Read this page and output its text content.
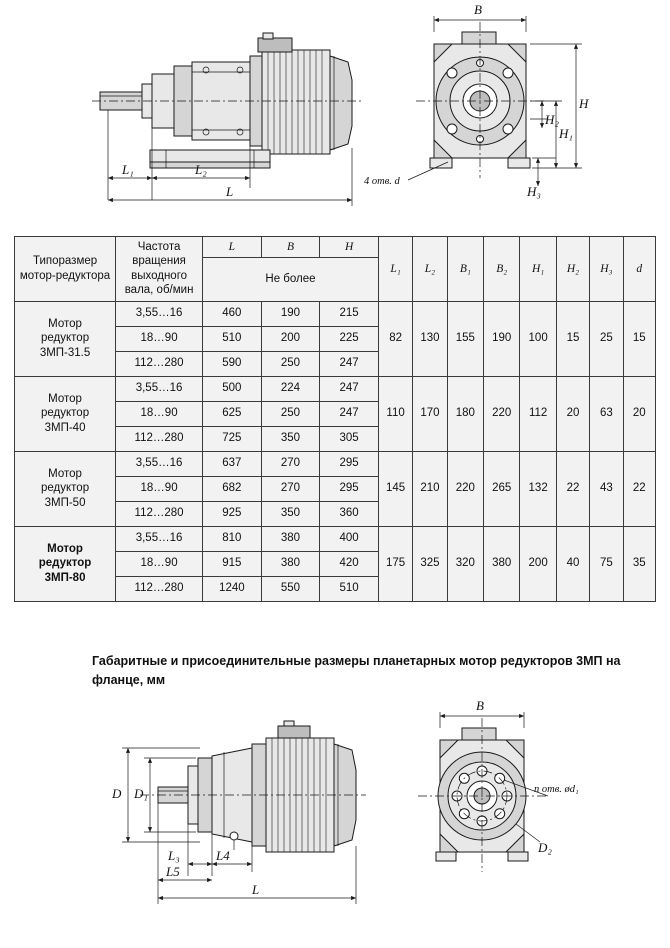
L₁	L₂
L
B
H
H₁
H₂
H₃
4 отв. d
Типоразмер мотор-редуктора	Частота вращения выходного вала, об/мин	L	B	H	L₁	L₂	B₁	B₂	H₁	H₂	H₃	d
		Не более										

Мотор
редуктор
3МП-31.5	3,55…16	460	190	215	82	130	155	190	100	15	25	15
	18…90	510	200	225								
	112…280	590	250	247								
Мотор
редуктор
3МП-40	3,55…16	500	224	247	110	170	180	220	112	20	63	20
	18…90	625	250	247								
	112…280	725	350	305								
Мотор
редуктор
3МП-50	3,55…16	637	270	295	145	210	220	265	132	22	43	22
	18…90	682	270	295								
	112…280	925	350	360								
Мотор
редуктор
3МП-80	3,55…16	810	380	400	175	325	320	380	200	40	75	35
	18…90	915	380	420								
	112…280	1240	550	510								
Габаритные и присоединительные размеры планетарных мотор редукторов 3МП на фланце, мм
D D₁
L₃	L4
L5
L
B
n отв. ød₁
D₂
